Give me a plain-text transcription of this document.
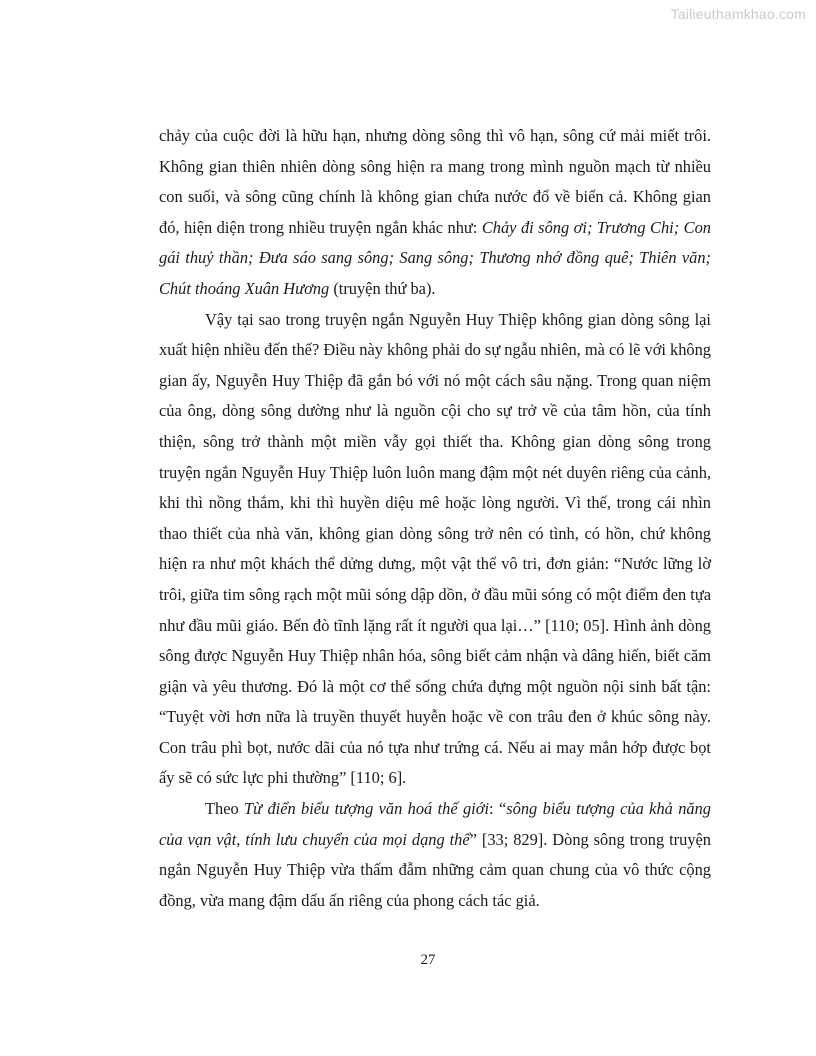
Tailieuthamkhao.com

chảy của cuộc đời là hữu hạn, nhưng dòng sông thì vô hạn, sông cứ mải miết trôi. Không gian thiên nhiên dòng sông hiện ra mang trong mình nguồn mạch từ nhiều con suối, và sông cũng chính là không gian chứa nước đổ về biển cả. Không gian đó, hiện diện trong nhiều truyện ngắn khác như: Chảy đi sông ơi; Trương Chi; Con gái thuỷ thần; Đưa sáo sang sông; Sang sông; Thương nhớ đồng quê; Thiên văn; Chút thoáng Xuân Hương (truyện thứ ba).

Vậy tại sao trong truyện ngắn Nguyễn Huy Thiệp không gian dòng sông lại xuất hiện nhiều đến thế? Điều này không phải do sự ngẫu nhiên, mà có lẽ với không gian ấy, Nguyễn Huy Thiệp đã gắn bó với nó một cách sâu nặng. Trong quan niệm của ông, dòng sông dường như là nguồn cội cho sự trở về của tâm hồn, của tính thiện, sông trở thành một miền vẫy gọi thiết tha. Không gian dòng sông trong truyện ngắn Nguyễn Huy Thiệp luôn luôn mang đậm một nét duyên riêng của cảnh, khi thì nồng thắm, khi thì huyền diệu mê hoặc lòng người. Vì thế, trong cái nhìn thao thiết của nhà văn, không gian dòng sông trở nên có tình, có hồn, chứ không hiện ra như một khách thể dửng dưng, một vật thể vô tri, đơn giản: “Nước lững lờ trôi, giữa tim sông rạch một mũi sóng dập dồn, ở đầu mũi sóng có một điểm đen tựa như đầu mũi giáo. Bến đò tĩnh lặng rất ít người qua lại…” [110; 05]. Hình ảnh dòng sông được Nguyễn Huy Thiệp nhân hóa, sông biết cảm nhận và dâng hiến, biết căm giận và yêu thương. Đó là một cơ thể sống chứa đựng một nguồn nội sinh bất tận: “Tuyệt vời hơn nữa là truyền thuyết huyễn hoặc về con trâu đen ở khúc sông này. Con trâu phì bọt, nước dãi của nó tựa như trứng cá. Nếu ai may mắn hớp được bọt ấy sẽ có sức lực phi thường” [110; 6].

Theo Từ điển biểu tượng văn hoá thế giới: “sông biểu tượng của khả năng của vạn vật, tính lưu chuyển của mọi dạng thể” [33; 829]. Dòng sông trong truyện ngắn Nguyễn Huy Thiệp vừa thấm đẫm những cảm quan chung của vô thức cộng đồng, vừa mang đậm dấu ấn riêng của phong cách tác giả.

27
